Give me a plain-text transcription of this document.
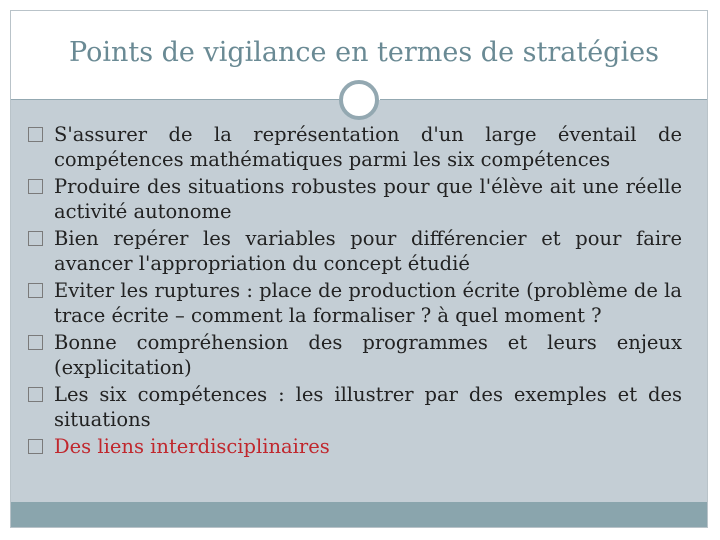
Points de vigilance en termes de stratégies
S'assurer de la représentation d'un large éventail de compétences mathématiques parmi les six compétences
Produire des situations robustes pour que l'élève ait une réelle activité autonome
Bien repérer les variables pour différencier et pour faire avancer l'appropriation du concept étudié
Eviter les ruptures : place de production écrite (problème de la trace écrite – comment la formaliser ? à quel moment ?
Bonne compréhension des programmes et leurs enjeux (explicitation)
Les six compétences : les illustrer par des exemples et des situations
Des liens interdisciplinaires
